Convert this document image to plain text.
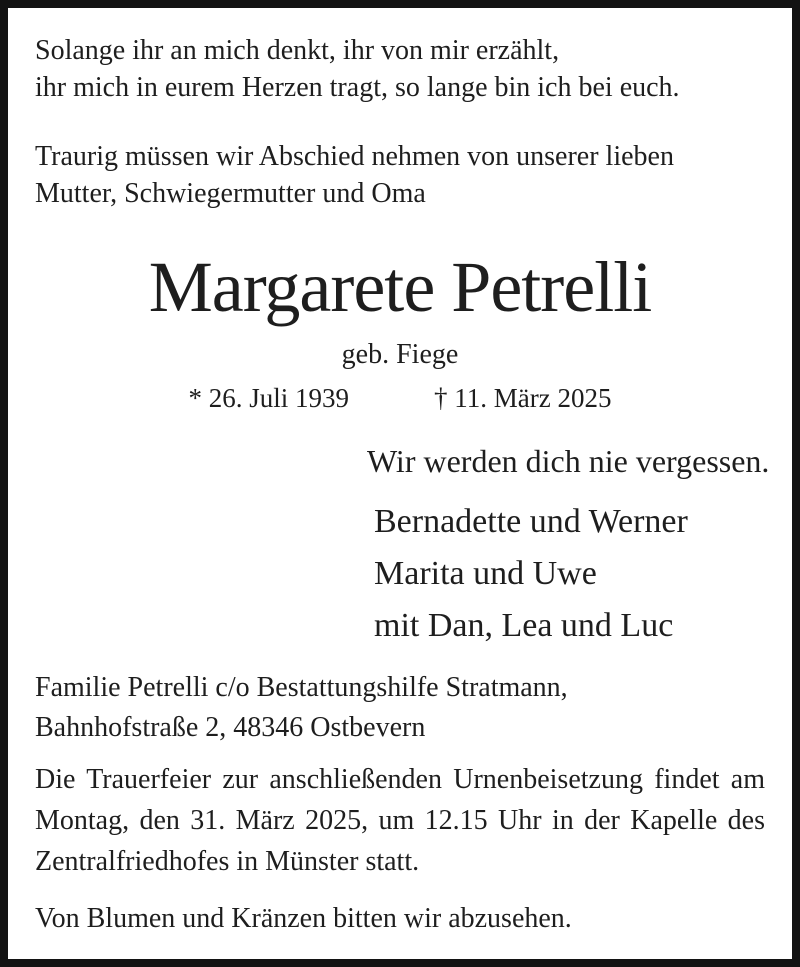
Solange ihr an mich denkt, ihr von mir erzählt,
ihr mich in eurem Herzen tragt, so lange bin ich bei euch.
Traurig müssen wir Abschied nehmen von unserer lieben
Mutter, Schwiegermutter und Oma
Margarete Petrelli
geb. Fiege
* 26. Juli 1939	† 11. März 2025
Wir werden dich nie vergessen.
Bernadette und Werner
Marita und Uwe
mit Dan, Lea und Luc
Familie Petrelli c/o Bestattungshilfe Stratmann,
Bahnhofstraße 2, 48346 Ostbevern
Die Trauerfeier zur anschließenden Urnenbeisetzung findet am
Montag, den 31. März 2025, um 12.15 Uhr in der Kapelle des
Zentralfriedhofes in Münster statt.
Von Blumen und Kränzen bitten wir abzusehen.
